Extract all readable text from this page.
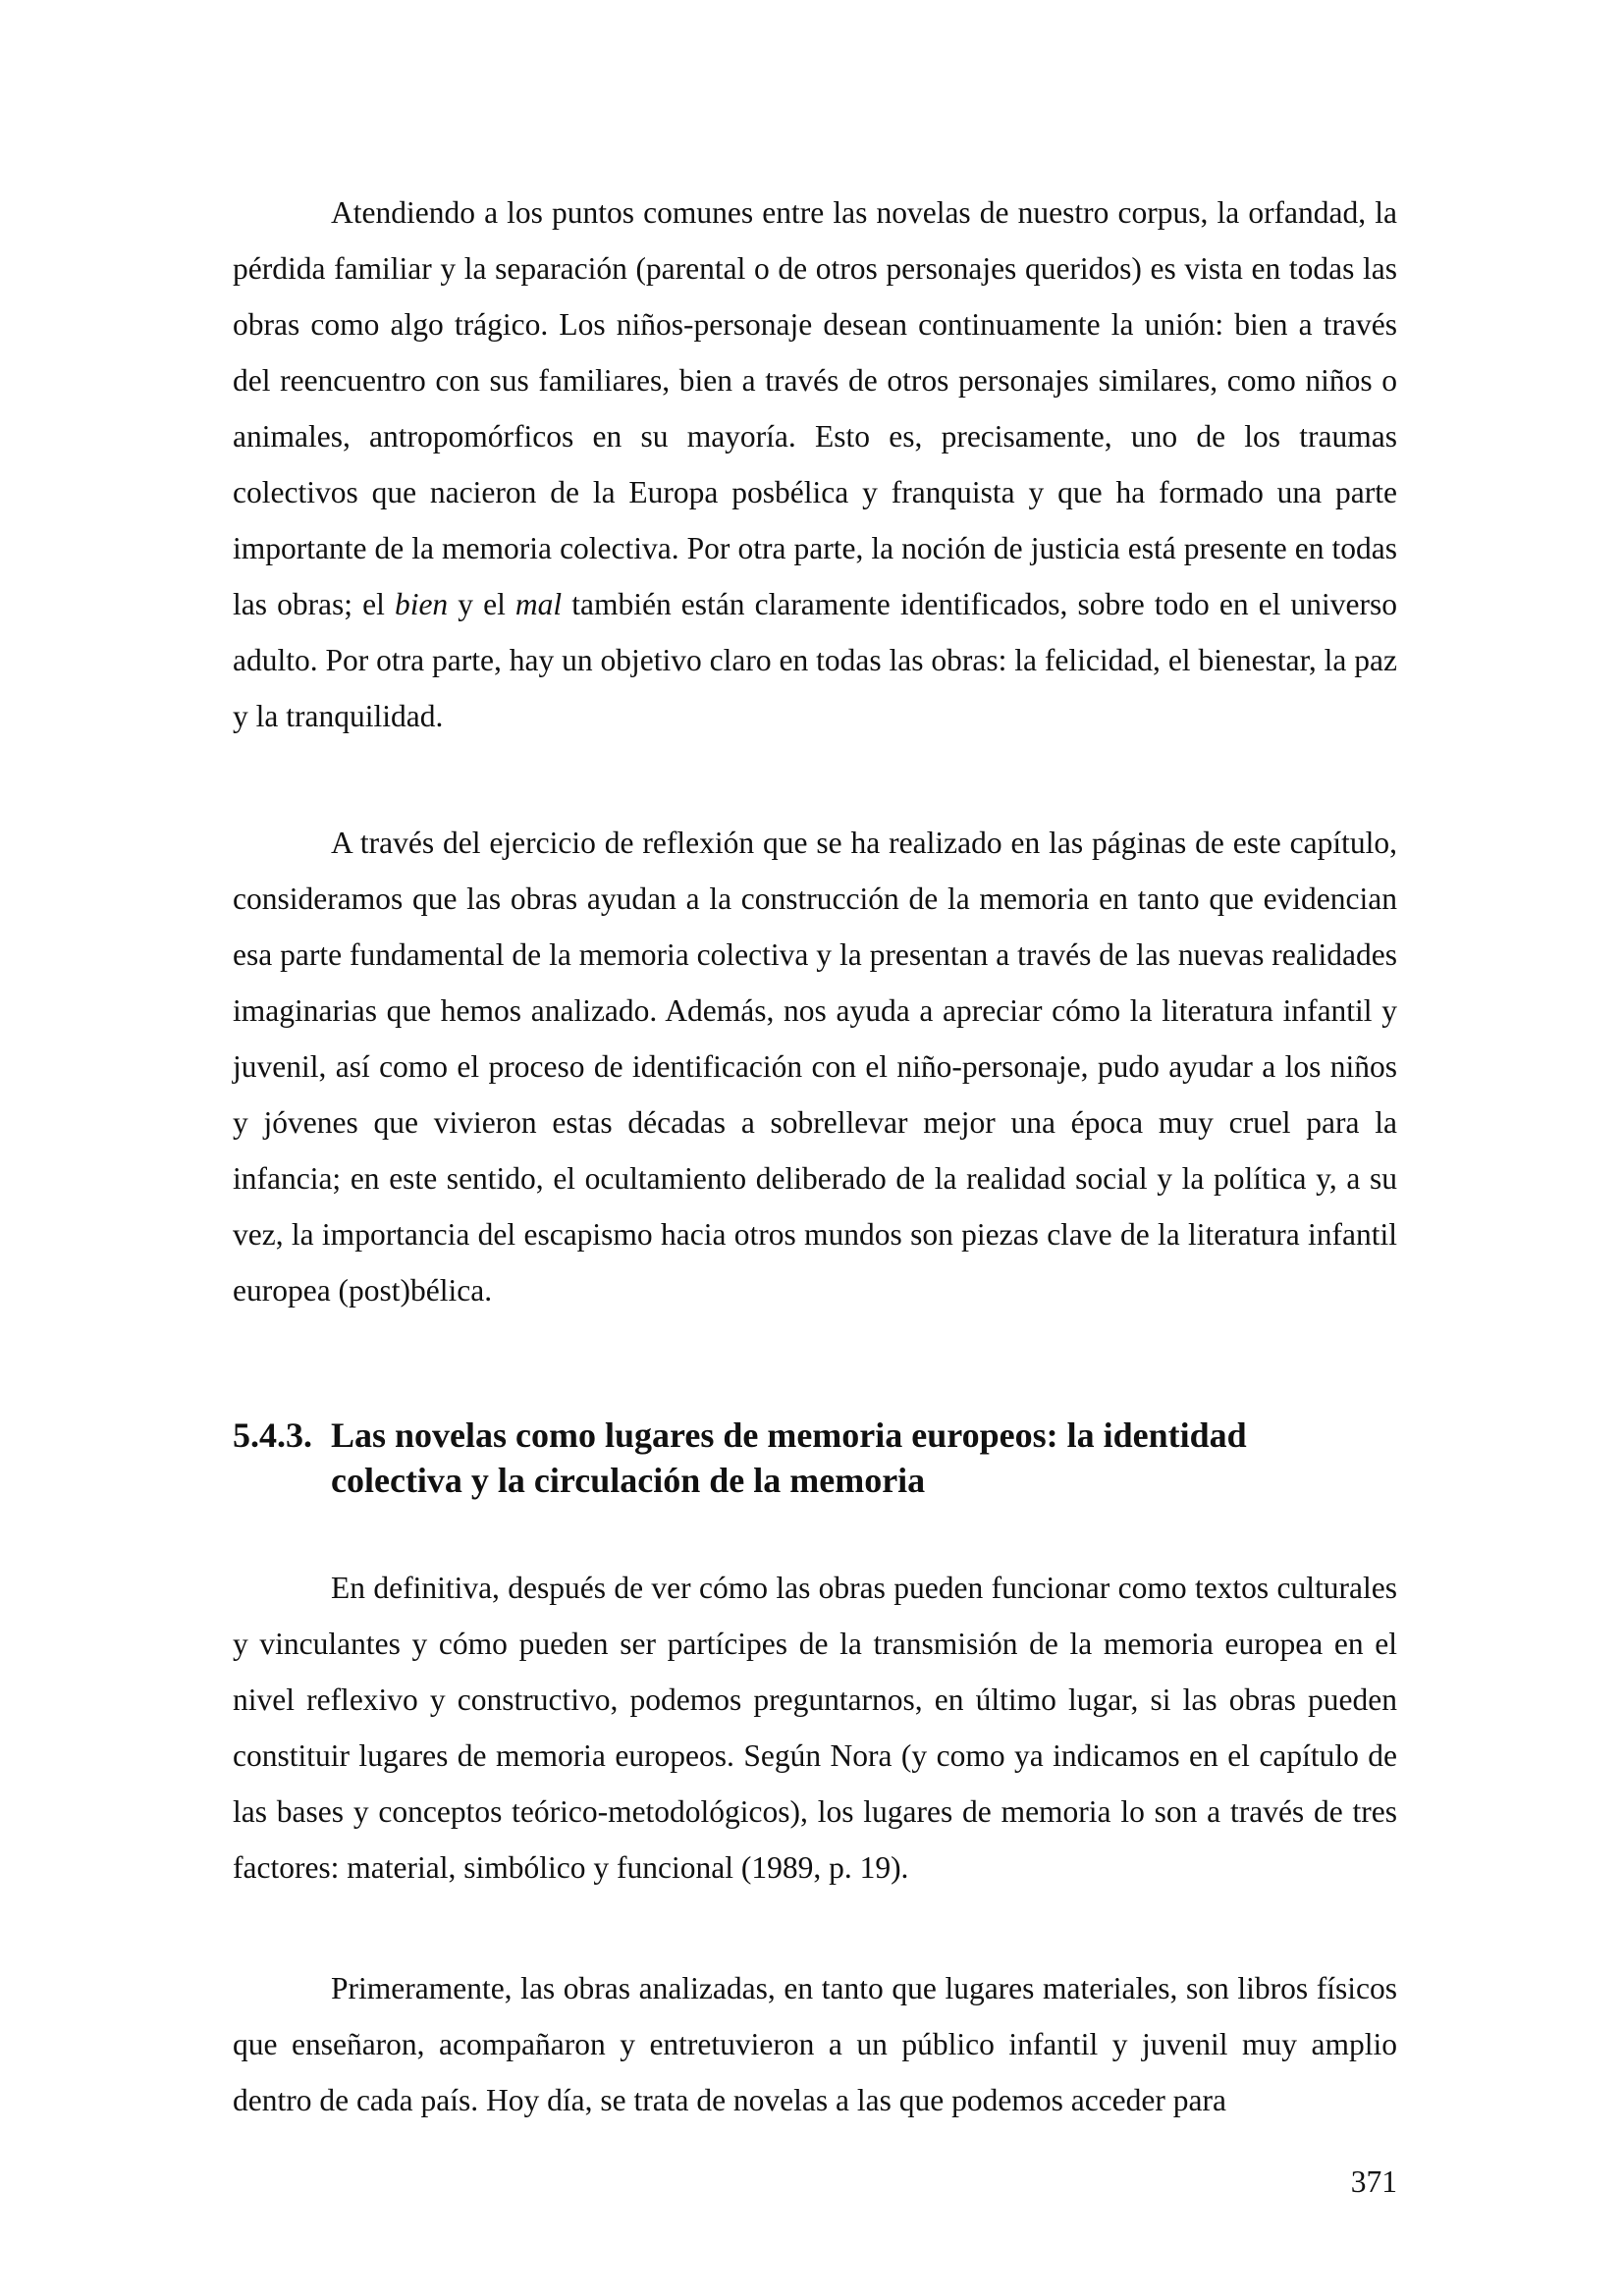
Atendiendo a los puntos comunes entre las novelas de nuestro corpus, la orfandad, la pérdida familiar y la separación (parental o de otros personajes queridos) es vista en todas las obras como algo trágico. Los niños-personaje desean continuamente la unión: bien a través del reencuentro con sus familiares, bien a través de otros personajes similares, como niños o animales, antropomórficos en su mayoría. Esto es, precisamente, uno de los traumas colectivos que nacieron de la Europa posbélica y franquista y que ha formado una parte importante de la memoria colectiva. Por otra parte, la noción de justicia está presente en todas las obras; el bien y el mal también están claramente identificados, sobre todo en el universo adulto. Por otra parte, hay un objetivo claro en todas las obras: la felicidad, el bienestar, la paz y la tranquilidad.

A través del ejercicio de reflexión que se ha realizado en las páginas de este capítulo, consideramos que las obras ayudan a la construcción de la memoria en tanto que evidencian esa parte fundamental de la memoria colectiva y la presentan a través de las nuevas realidades imaginarias que hemos analizado. Además, nos ayuda a apreciar cómo la literatura infantil y juvenil, así como el proceso de identificación con el niño-personaje, pudo ayudar a los niños y jóvenes que vivieron estas décadas a sobrellevar mejor una época muy cruel para la infancia; en este sentido, el ocultamiento deliberado de la realidad social y la política y, a su vez, la importancia del escapismo hacia otros mundos son piezas clave de la literatura infantil europea (post)bélica.

5.4.3. Las novelas como lugares de memoria europeos: la identidad colectiva y la circulación de la memoria

En definitiva, después de ver cómo las obras pueden funcionar como textos culturales y vinculantes y cómo pueden ser partícipes de la transmisión de la memoria europea en el nivel reflexivo y constructivo, podemos preguntarnos, en último lugar, si las obras pueden constituir lugares de memoria europeos. Según Nora (y como ya indicamos en el capítulo de las bases y conceptos teórico-metodológicos), los lugares de memoria lo son a través de tres factores: material, simbólico y funcional (1989, p. 19).

Primeramente, las obras analizadas, en tanto que lugares materiales, son libros físicos que enseñaron, acompañaron y entretuvieron a un público infantil y juvenil muy amplio dentro de cada país. Hoy día, se trata de novelas a las que podemos acceder para

371
